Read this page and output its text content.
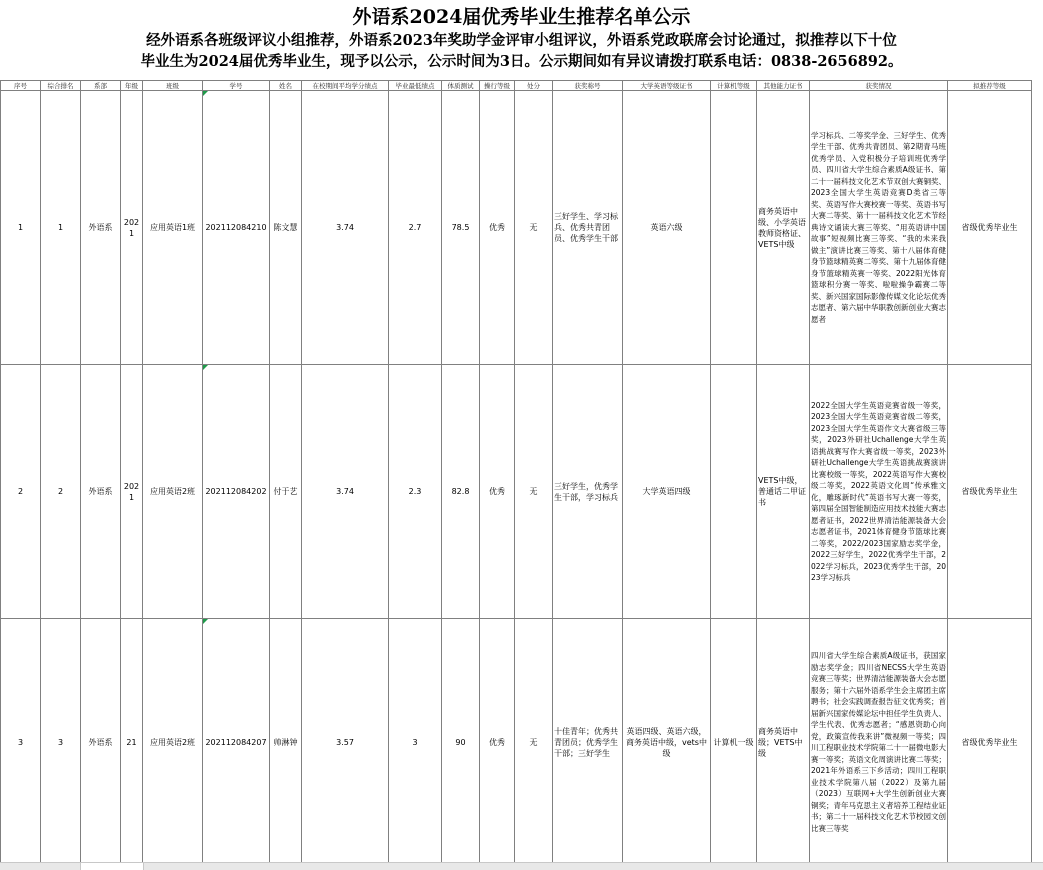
外语系2024届优秀毕业生推荐名单公示
经外语系各班级评议小组推荐，外语系2023年奖助学金评审小组评议，外语系党政联席会讨论通过，拟推荐以下十位
毕业生为2024届优秀毕业生，现予以公示，公示时间为3日。公示期间如有异议请拨打联系电话：0838-2656892。
序号	综合排名	系部	年级	班级	学号	姓名	在校期间平均学分绩点	毕业最低绩点	体质测试	操行等级	处分	获奖称号	大学英语等级证书	计算机等级	其他能力证书	获奖情况	拟推荐等级
1	1	外语系	2021	应用英语1班	202112084210	陈文慧	3.74	2.7	78.5	优秀	无	三好学生、学习标兵、优秀共青团员、优秀学生干部	英语六级		商务英语中级、小学英语教师资格证、VETS中级	学习标兵、二等奖学金、三好学生、优秀学生干部、优秀共青团员、第2期青马班优秀学员、入党积极分子培训班优秀学员、四川省大学生综合素质A级证书、第二十一届科技文化艺术节双创大赛铜奖、2023全国大学生英语竞赛D类省三等奖、英语写作大赛校赛一等奖、英语书写大赛二等奖、第十一届科技文化艺术节经典诗文诵读大赛三等奖、“用英语讲中国故事”短视频比赛三等奖、“我的未来我做主”演讲比赛三等奖、第十八届体育健身节篮球精英赛二等奖、第十九届体育健身节篮球精英赛一等奖、2022阳光体育篮球积分赛一等奖、啦啦操争霸赛二等奖、新兴国家国际影像传媒文化论坛优秀志愿者、第六届中华职教创新创业大赛志愿者	省级优秀毕业生
2	2	外语系	2021	应用英语2班	202112084202	付于艺	3.74	2.3	82.8	优秀	无	三好学生，优秀学生干部，学习标兵	大学英语四级		VETS中级，普通话二甲证书	2022全国大学生英语竞赛省级一等奖，2023全国大学生英语竞赛省级二等奖，2023全国大学生英语作文大赛省级三等奖，2023外研社Uchallenge大学生英语挑战赛写作大赛省级一等奖，2023外研社Uchallenge大学生英语挑战赛演讲比赛校级一等奖，2022英语写作大赛校级二等奖，2022英语文化周“传承雅文化，雕琢新时代”英语书写大赛一等奖，第四届全国智能制造应用技术技能大赛志愿者证书，2022世界清洁能源装备大会志愿者证书，2021体育健身节篮球比赛二等奖，2022/2023国家励志奖学金，2022三好学生，2022优秀学生干部，2022学习标兵，2023优秀学生干部，2023学习标兵	省级优秀毕业生
3	3	外语系	21	应用英语2班	202112084207	帅淋钟	3.57	3	90	优秀	无	十佳青年；优秀共青团员；优秀学生干部；三好学生	英语四级、英语六级，商务英语中级，vets中级	计算机一级	商务英语中级；VETS中级	四川省大学生综合素质A级证书，获国家励志奖学金；四川省NECSS大学生英语竞赛三等奖；世界清洁能源装备大会志愿服务；第十六届外语系学生会主席团主席聘书；社会实践调查报告征文优秀奖；首届新兴国家传媒论坛中担任学生负责人、学生代表、优秀志愿者；“感恩资助心向党，政策宣传我来讲”微视频一等奖；四川工程职业技术学院第二十一届微电影大赛一等奖；英语文化周演讲比赛二等奖；2021年外语系三下乡活动；四川工程职业技术学院第八届（2022）及第九届（2023）互联网+大学生创新创业大赛铜奖；青年马克思主义者培养工程结业证书；第二十一届科技文化艺术节校园文创比赛三等奖	省级优秀毕业生
